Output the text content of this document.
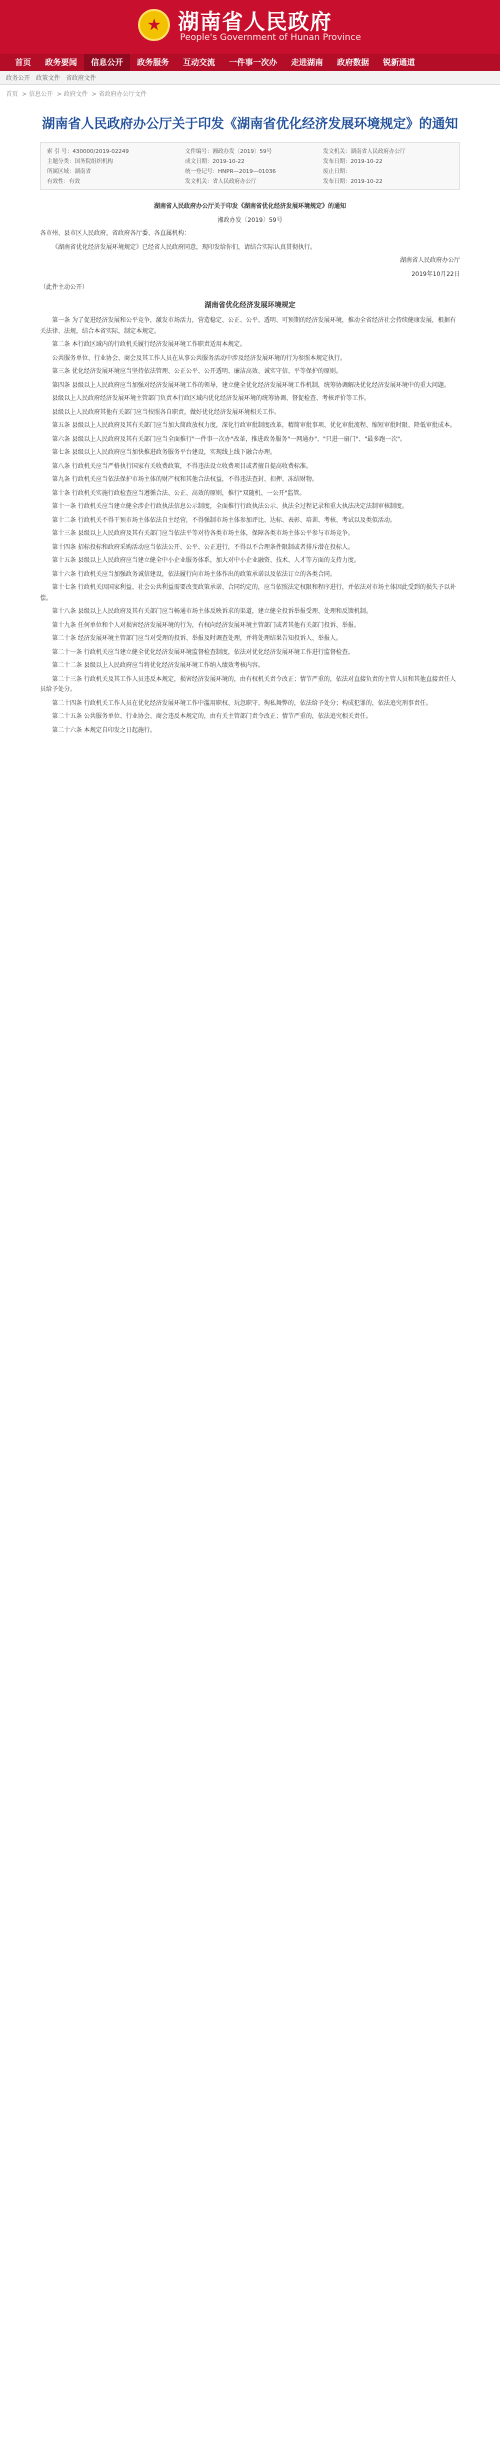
★
湖南省人民政府
People's Government of Hunan Province
首页	政务要闻	信息公开	政务服务	互动交流	一件事一次办	走进湖南	政府数据	锐新通道
政务公开 政策文件 省政府文件
首页 > 信息公开 > 政府文件 > 省政府办公厅文件
湖南省人民政府办公厅关于印发《湖南省优化经济发展环境规定》的通知
索 引 号：430000/2019-02249	文件编号：湘政办发〔2019〕59号	发文机关：湖南省人民政府办公厅
主题分类：国务院组织机构	成文日期：2019-10-22	发布日期：2019-10-22
所属区域：湖南省	统一登记号：HNPR—2019—01036	废止日期：
有效性：有效	发文机关：省人民政府办公厅	发布日期：2019-10-22

湖南省人民政府办公厅关于印发《湖南省优化经济发展环境规定》的通知

湘政办发〔2019〕59号

各市州、县市区人民政府，省政府各厅委、各直属机构：

《湖南省优化经济发展环境规定》已经省人民政府同意，现印发给你们，请结合实际认真贯彻执行。

湖南省人民政府办公厅

2019年10月22日

（此件主动公开）

湖南省优化经济发展环境规定

第一条 为了促进经济发展和公平竞争，激发市场活力，营造稳定、公正、公平、透明、可预期的经济发展环境，推动全省经济社会持续健康发展，根据有关法律、法规，结合本省实际，制定本规定。

第二条 本行政区域内的行政机关履行经济发展环境工作职责适用本规定。

公共服务单位、行业协会、商会及其工作人员在从事公共服务活动中涉及经济发展环境的行为参照本规定执行。

第三条 优化经济发展环境应当坚持依法管理、公正公平、公开透明、廉洁高效、诚实守信、平等保护的原则。

第四条 县级以上人民政府应当加强对经济发展环境工作的领导，建立健全优化经济发展环境工作机制，统筹协调解决优化经济发展环境中的重大问题。

县级以上人民政府经济发展环境主管部门负责本行政区域内优化经济发展环境的统筹协调、督促检查、考核评价等工作。

县级以上人民政府其他有关部门应当按照各自职责，做好优化经济发展环境相关工作。

第五条 县级以上人民政府及其有关部门应当加大简政放权力度，深化行政审批制度改革，精简审批事项、优化审批流程、缩短审批时限、降低审批成本。

第六条 县级以上人民政府及其有关部门应当全面推行"一件事一次办"改革，推进政务服务"一网通办"、"只进一扇门"、"最多跑一次"。

第七条 县级以上人民政府应当加快推进政务服务平台建设，实现线上线下融合办理。

第八条 行政机关应当严格执行国家有关收费政策，不得违法设立收费项目或者擅自提高收费标准。

第九条 行政机关应当依法保护市场主体的财产权和其他合法权益，不得违法查封、扣押、冻结财物。

第十条 行政机关实施行政检查应当遵循合法、公正、高效的原则，推行"双随机、一公开"监管。

第十一条 行政机关应当建立健全涉企行政执法信息公示制度，全面推行行政执法公示、执法全过程记录和重大执法决定法制审核制度。

第十二条 行政机关不得干预市场主体依法自主经营，不得强制市场主体参加评比、达标、表彰、培训、考核、考试以及类似活动。

第十三条 县级以上人民政府及其有关部门应当依法平等对待各类市场主体，保障各类市场主体公平参与市场竞争。

第十四条 招标投标和政府采购活动应当依法公开、公平、公正进行，不得以不合理条件限制或者排斥潜在投标人。

第十五条 县级以上人民政府应当建立健全中小企业服务体系，加大对中小企业融资、技术、人才等方面的支持力度。

第十六条 行政机关应当加强政务诚信建设，依法履行向市场主体作出的政策承诺以及依法订立的各类合同。

第十七条 行政机关因国家利益、社会公共利益需要改变政策承诺、合同约定的，应当依照法定权限和程序进行，并依法对市场主体因此受到的损失予以补偿。

第十八条 县级以上人民政府及其有关部门应当畅通市场主体反映诉求的渠道，建立健全投诉举报受理、处理和反馈机制。

第十九条 任何单位和个人对损害经济发展环境的行为，有权向经济发展环境主管部门或者其他有关部门投诉、举报。

第二十条 经济发展环境主管部门应当对受理的投诉、举报及时调查处理，并将处理结果告知投诉人、举报人。

第二十一条 行政机关应当建立健全优化经济发展环境监督检查制度，依法对优化经济发展环境工作进行监督检查。

第二十二条 县级以上人民政府应当将优化经济发展环境工作纳入绩效考核内容。

第二十三条 行政机关及其工作人员违反本规定，损害经济发展环境的，由有权机关责令改正；情节严重的，依法对直接负责的主管人员和其他直接责任人员给予处分。

第二十四条 行政机关工作人员在优化经济发展环境工作中滥用职权、玩忽职守、徇私舞弊的，依法给予处分；构成犯罪的，依法追究刑事责任。

第二十五条 公共服务单位、行业协会、商会违反本规定的，由有关主管部门责令改正；情节严重的，依法追究相关责任。

第二十六条 本规定自印发之日起施行。
